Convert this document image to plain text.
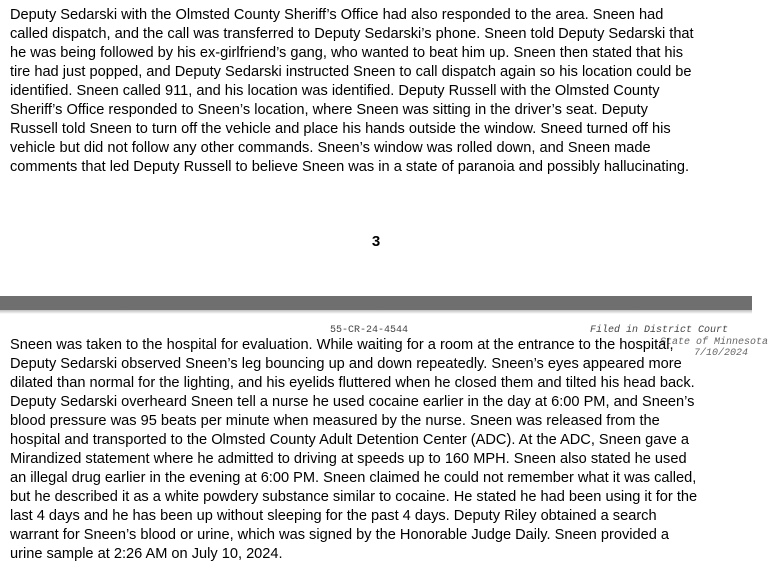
Deputy Sedarski with the Olmsted County Sheriff’s Office had also responded to the area. Sneen had
called dispatch, and the call was transferred to Deputy Sedarski’s phone. Sneen told Deputy Sedarski that
he was being followed by his ex-girlfriend’s gang, who wanted to beat him up. Sneen then stated that his
tire had just popped, and Deputy Sedarski instructed Sneen to call dispatch again so his location could be
identified. Sneen called 911, and his location was identified. Deputy Russell with the Olmsted County
Sheriff’s Office responded to Sneen’s location, where Sneen was sitting in the driver’s seat. Deputy
Russell told Sneen to turn off the vehicle and place his hands outside the window. Sneed turned off his
vehicle but did not follow any other commands. Sneen’s window was rolled down, and Sneen made
comments that led Deputy Russell to believe Sneen was in a state of paranoia and possibly hallucinating.

3
55-CR-24-4544	Filed in District Court
State of Minnesota
7/10/2024

Sneen was taken to the hospital for evaluation. While waiting for a room at the entrance to the hospital,
Deputy Sedarski observed Sneen’s leg bouncing up and down repeatedly. Sneen’s eyes appeared more
dilated than normal for the lighting, and his eyelids fluttered when he closed them and tilted his head back.
Deputy Sedarski overheard Sneen tell a nurse he used cocaine earlier in the day at 6:00 PM, and Sneen’s
blood pressure was 95 beats per minute when measured by the nurse. Sneen was released from the
hospital and transported to the Olmsted County Adult Detention Center (ADC). At the ADC, Sneen gave a
Mirandized statement where he admitted to driving at speeds up to 160 MPH. Sneen also stated he used
an illegal drug earlier in the evening at 6:00 PM. Sneen claimed he could not remember what it was called,
but he described it as a white powdery substance similar to cocaine. He stated he had been using it for the
last 4 days and he has been up without sleeping for the past 4 days. Deputy Riley obtained a search
warrant for Sneen’s blood or urine, which was signed by the Honorable Judge Daily. Sneen provided a
urine sample at 2:26 AM on July 10, 2024.
